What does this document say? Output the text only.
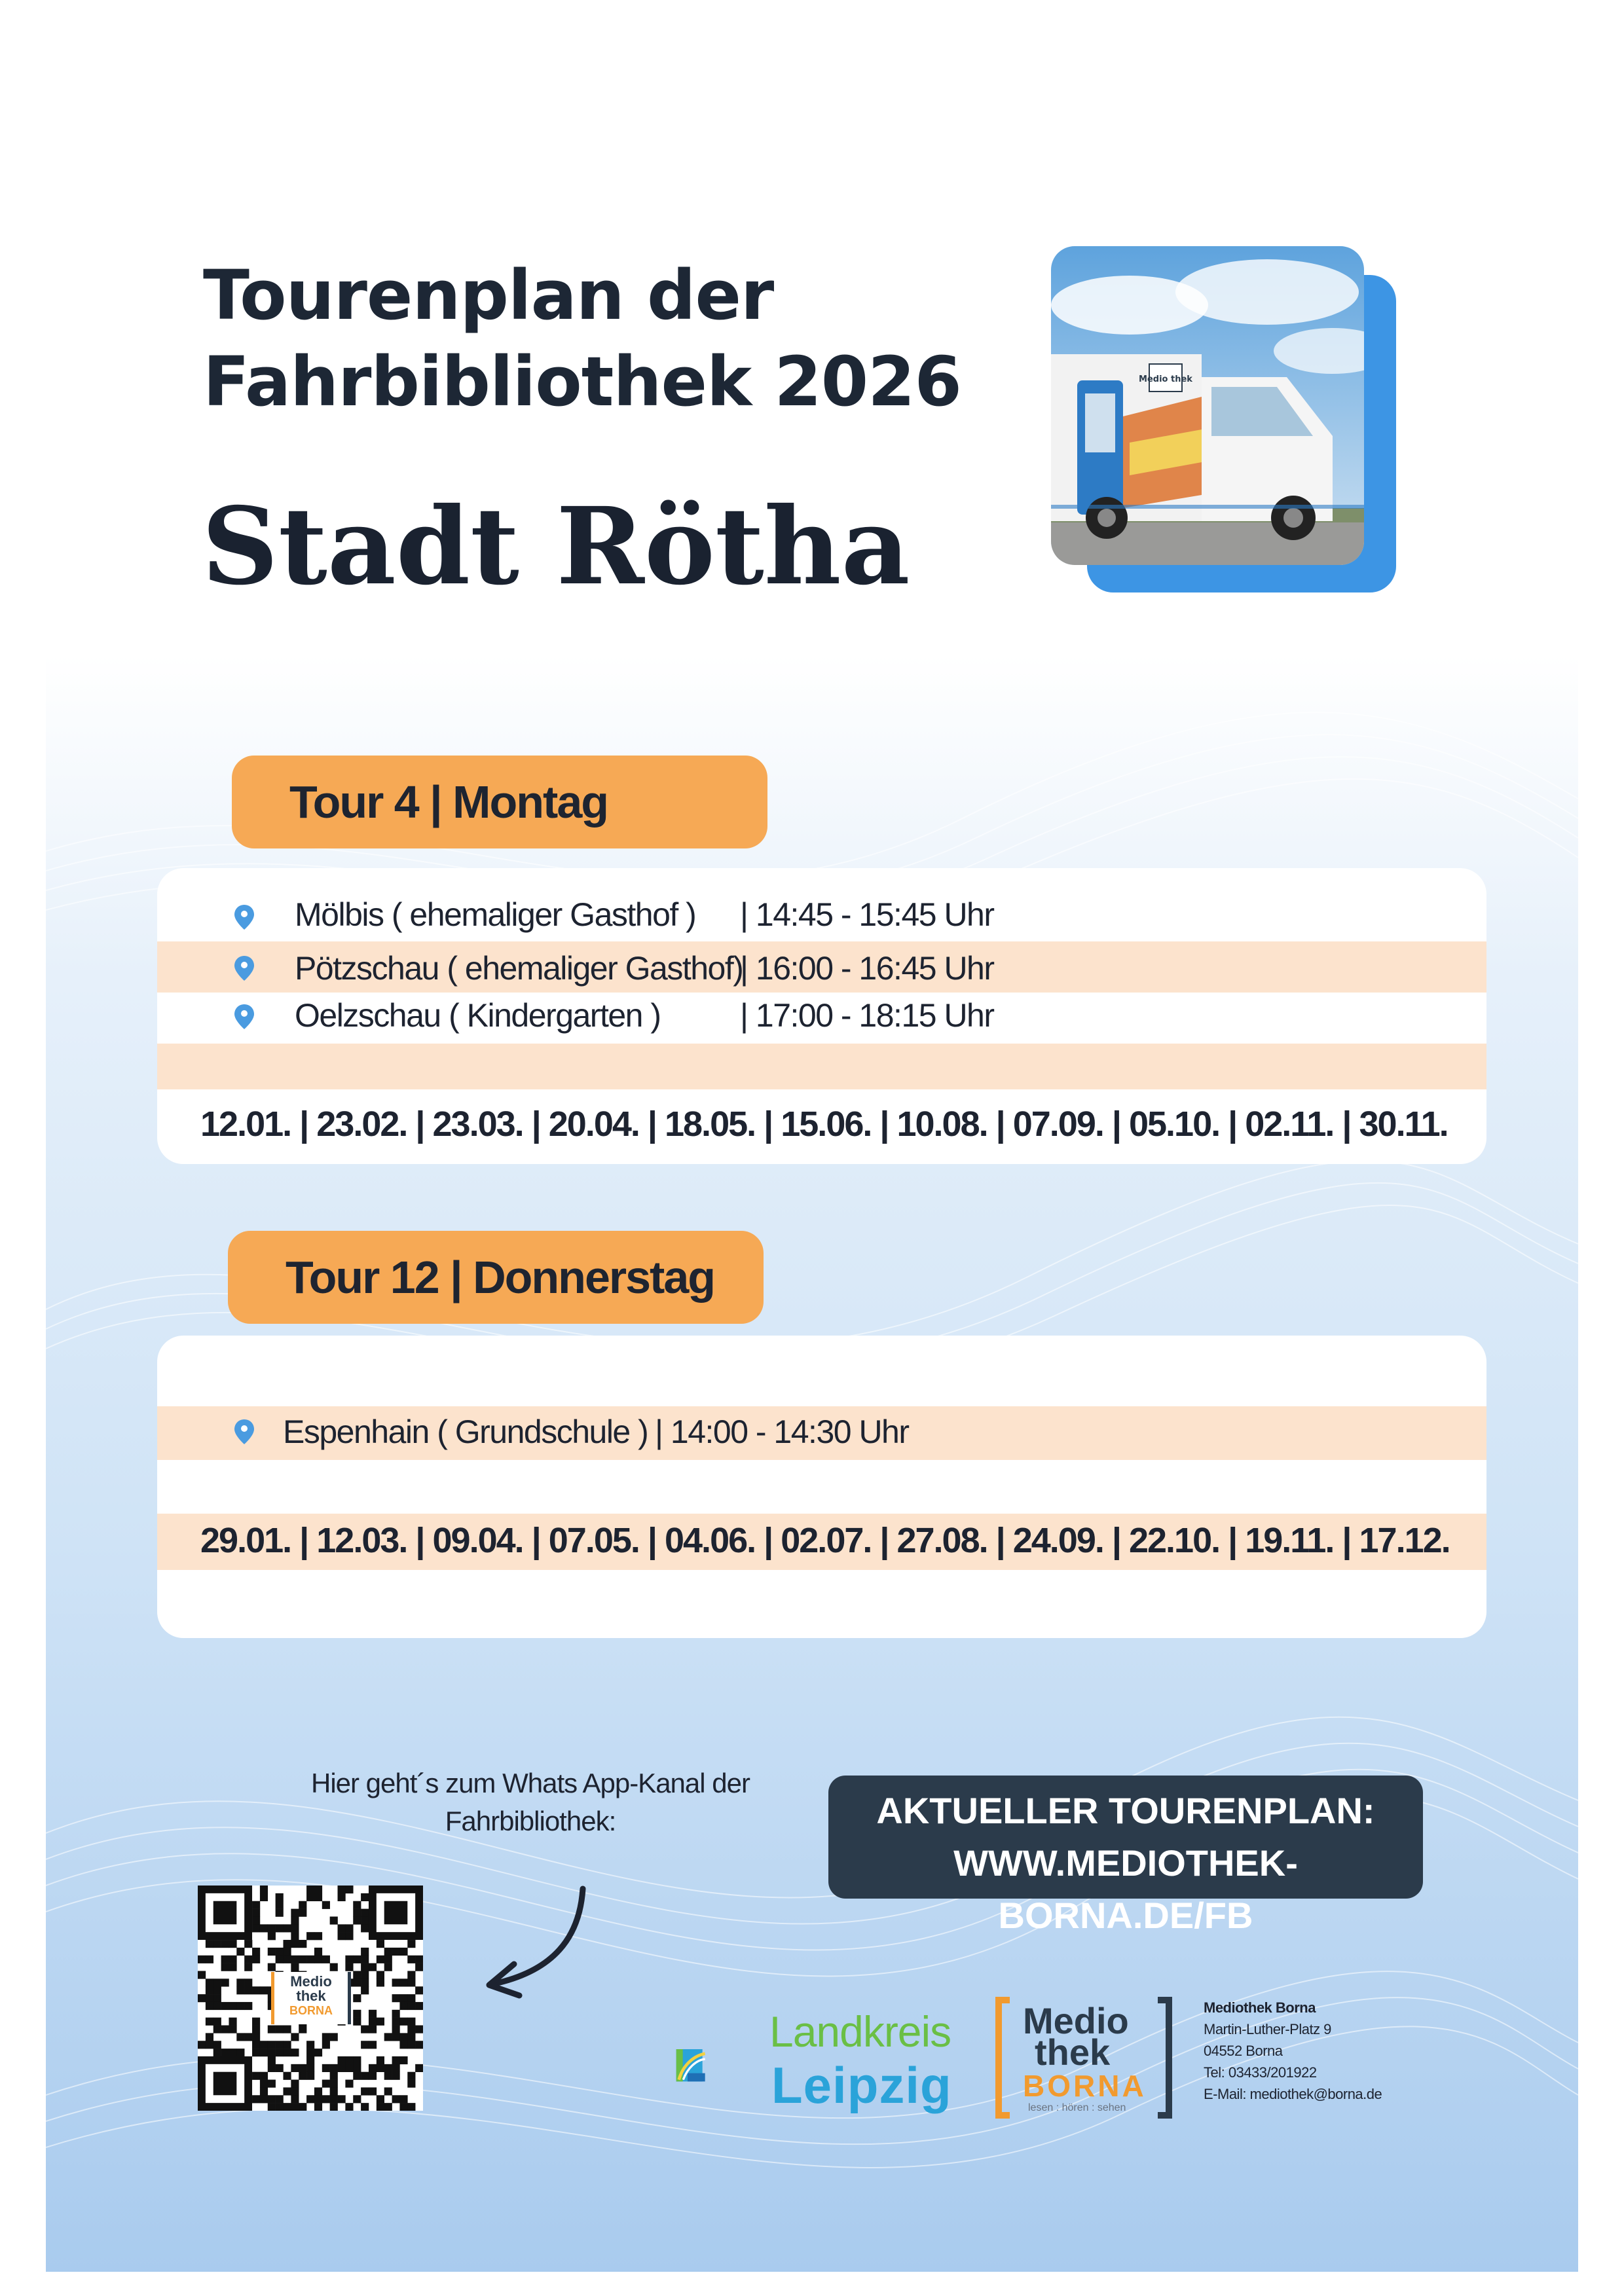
Tourenplan der
Fahrbibliothek 2026
Stadt Rötha
Medio thek
Tour 4 | Montag
Mölbis ( ehemaliger Gasthof ) | 14:45 - 15:45 Uhr
Pötzschau ( ehemaliger Gasthof)| 16:00 - 16:45 Uhr
Oelzschau ( Kindergarten ) | 17:00 - 18:15 Uhr
12.01. | 23.02. | 23.03. | 20.04. | 18.05. | 15.06. | 10.08. | 07.09. | 05.10. | 02.11. | 30.11.
Tour 12 | Donnerstag
Espenhain ( Grundschule ) | 14:00 - 14:30 Uhr
29.01. | 12.03. | 09.04. | 07.05. | 04.06. | 02.07. | 27.08. | 24.09. | 22.10. | 19.11. | 17.12.
Hier geht´s zum Whats App-Kanal der
Fahrbibliothek:
Medio
thek
BORNA
AKTUELLER TOURENPLAN:
WWW.MEDIOTHEK-BORNA.DE/FB
Landkreis
Leipzig
Medio
thek
BORNA
lesen : hören : sehen
Mediothek Borna
Martin-Luther-Platz 9
04552 Borna
Tel: 03433/201922
E-Mail: mediothek@borna.de
